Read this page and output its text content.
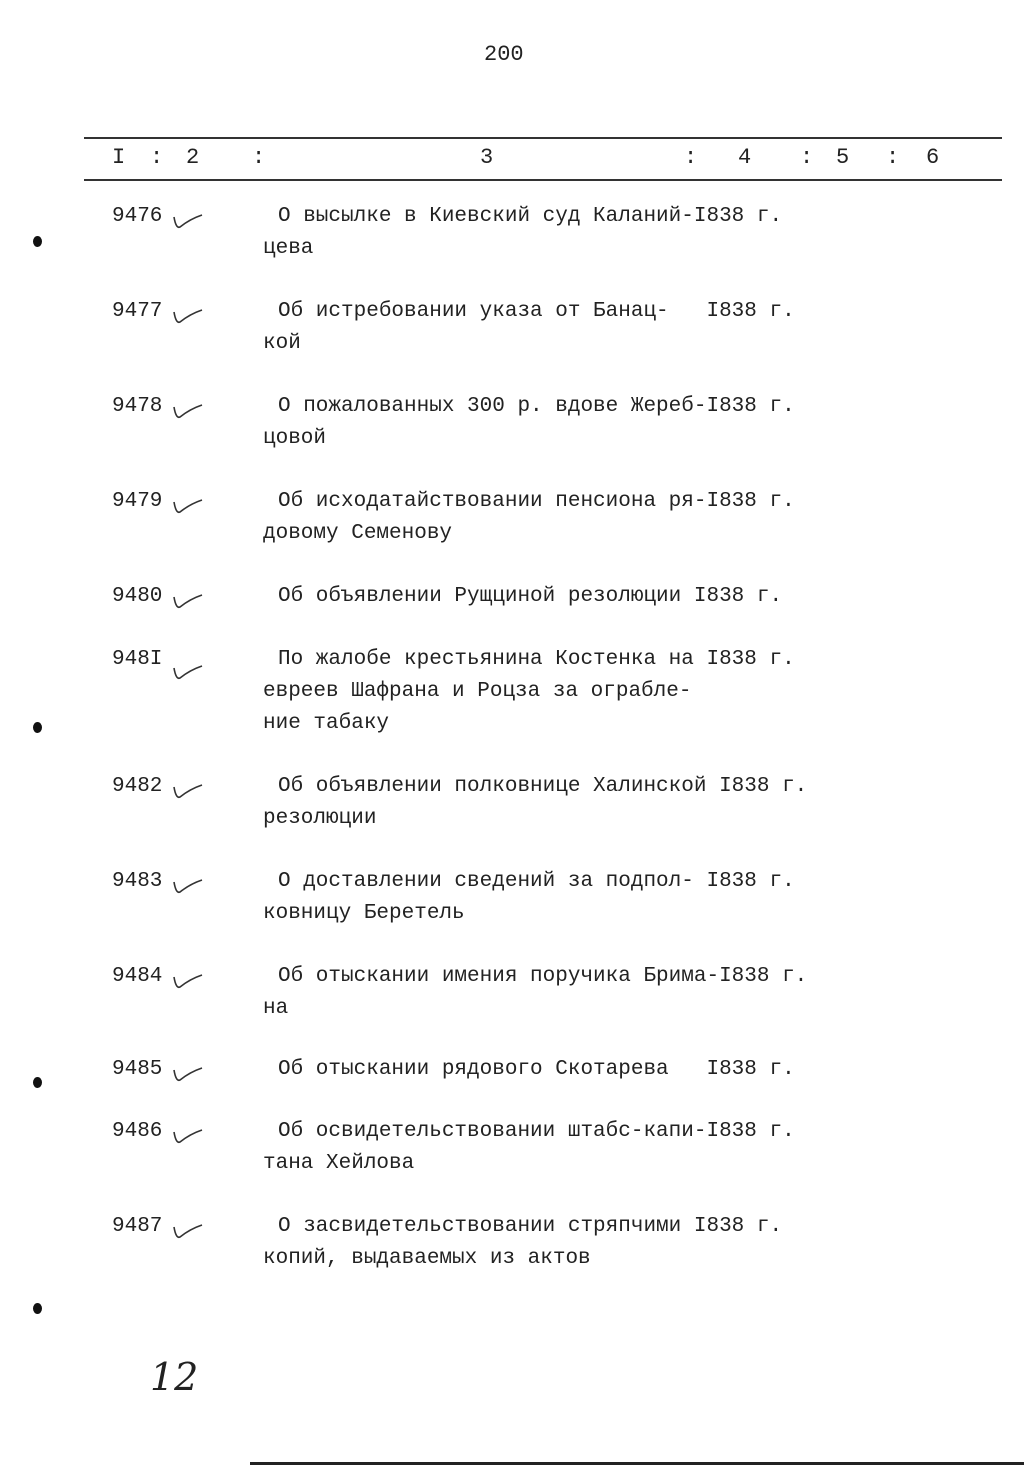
200
I : 2 :	3	: 4 : 5 : 6
9476	О высылке в Киевский суд Каланий-I838 г.
цева
9477	Об истребовании указа от Банац-   I838 г.
кой
9478	О пожалованных 300 р. вдове Жереб-I838 г.
цовой
9479	Об исходатайствовании пенсиона ря-I838 г.
довому Семенову
9480	Об объявлении Рущциной резолюции I838 г.
948I	По жалобе крестьянина Костенка на I838 г.
евреев Шафрана и Роцза за ограбле-
ние табаку
9482	Об объявлении полковнице Халинской I838 г.
резолюции
9483	О доставлении сведений за подпол- I838 г.
ковницу Беретель
9484	Об отыскании имения поручика Брима-I838 г.
на
9485	Об отыскании рядового Скотарева   I838 г.
9486	Об освидетельствовании штабс-капи-I838 г.
тана Хейлова
9487	О засвидетельствовании стряпчими I838 г.
копий, выдаваемых из актов
12
